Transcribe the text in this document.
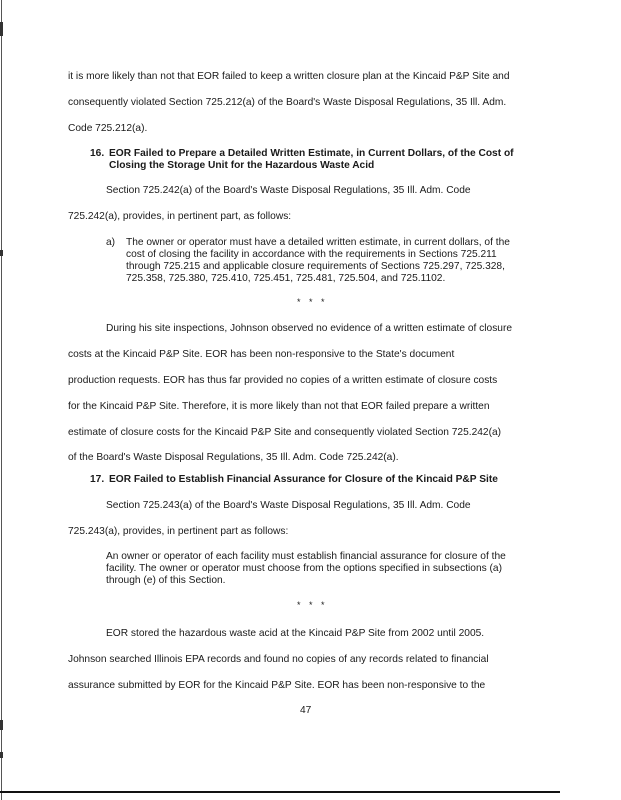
it is more likely than not that EOR failed to keep a written closure plan at the Kincaid P&P Site and
consequently violated Section 725.212(a) of the Board's Waste Disposal Regulations, 35 Ill. Adm.
Code 725.212(a).
16. EOR Failed to Prepare a Detailed Written Estimate, in Current Dollars, of the Cost of
Closing the Storage Unit for the Hazardous Waste Acid
Section 725.242(a) of the Board's Waste Disposal Regulations, 35 Ill. Adm. Code
725.242(a), provides, in pertinent part, as follows:
a) The owner or operator must have a detailed written estimate, in current dollars, of the
cost of closing the facility in accordance with the requirements in Sections 725.211
through 725.215 and applicable closure requirements of Sections 725.297, 725.328,
725.358, 725.380, 725.410, 725.451, 725.481, 725.504, and 725.1102.
* * *
During his site inspections, Johnson observed no evidence of a written estimate of closure
costs at the Kincaid P&P Site. EOR has been non-responsive to the State's document
production requests. EOR has thus far provided no copies of a written estimate of closure costs
for the Kincaid P&P Site. Therefore, it is more likely than not that EOR failed prepare a written
estimate of closure costs for the Kincaid P&P Site and consequently violated Section 725.242(a)
of the Board's Waste Disposal Regulations, 35 Ill. Adm. Code 725.242(a).
17. EOR Failed to Establish Financial Assurance for Closure of the Kincaid P&P Site
Section 725.243(a) of the Board's Waste Disposal Regulations, 35 Ill. Adm. Code
725.243(a), provides, in pertinent part as follows:
An owner or operator of each facility must establish financial assurance for closure of the
facility. The owner or operator must choose from the options specified in subsections (a)
through (e) of this Section.
* * *
EOR stored the hazardous waste acid at the Kincaid P&P Site from 2002 until 2005.
Johnson searched Illinois EPA records and found no copies of any records related to financial
assurance submitted by EOR for the Kincaid P&P Site. EOR has been non-responsive to the
47
